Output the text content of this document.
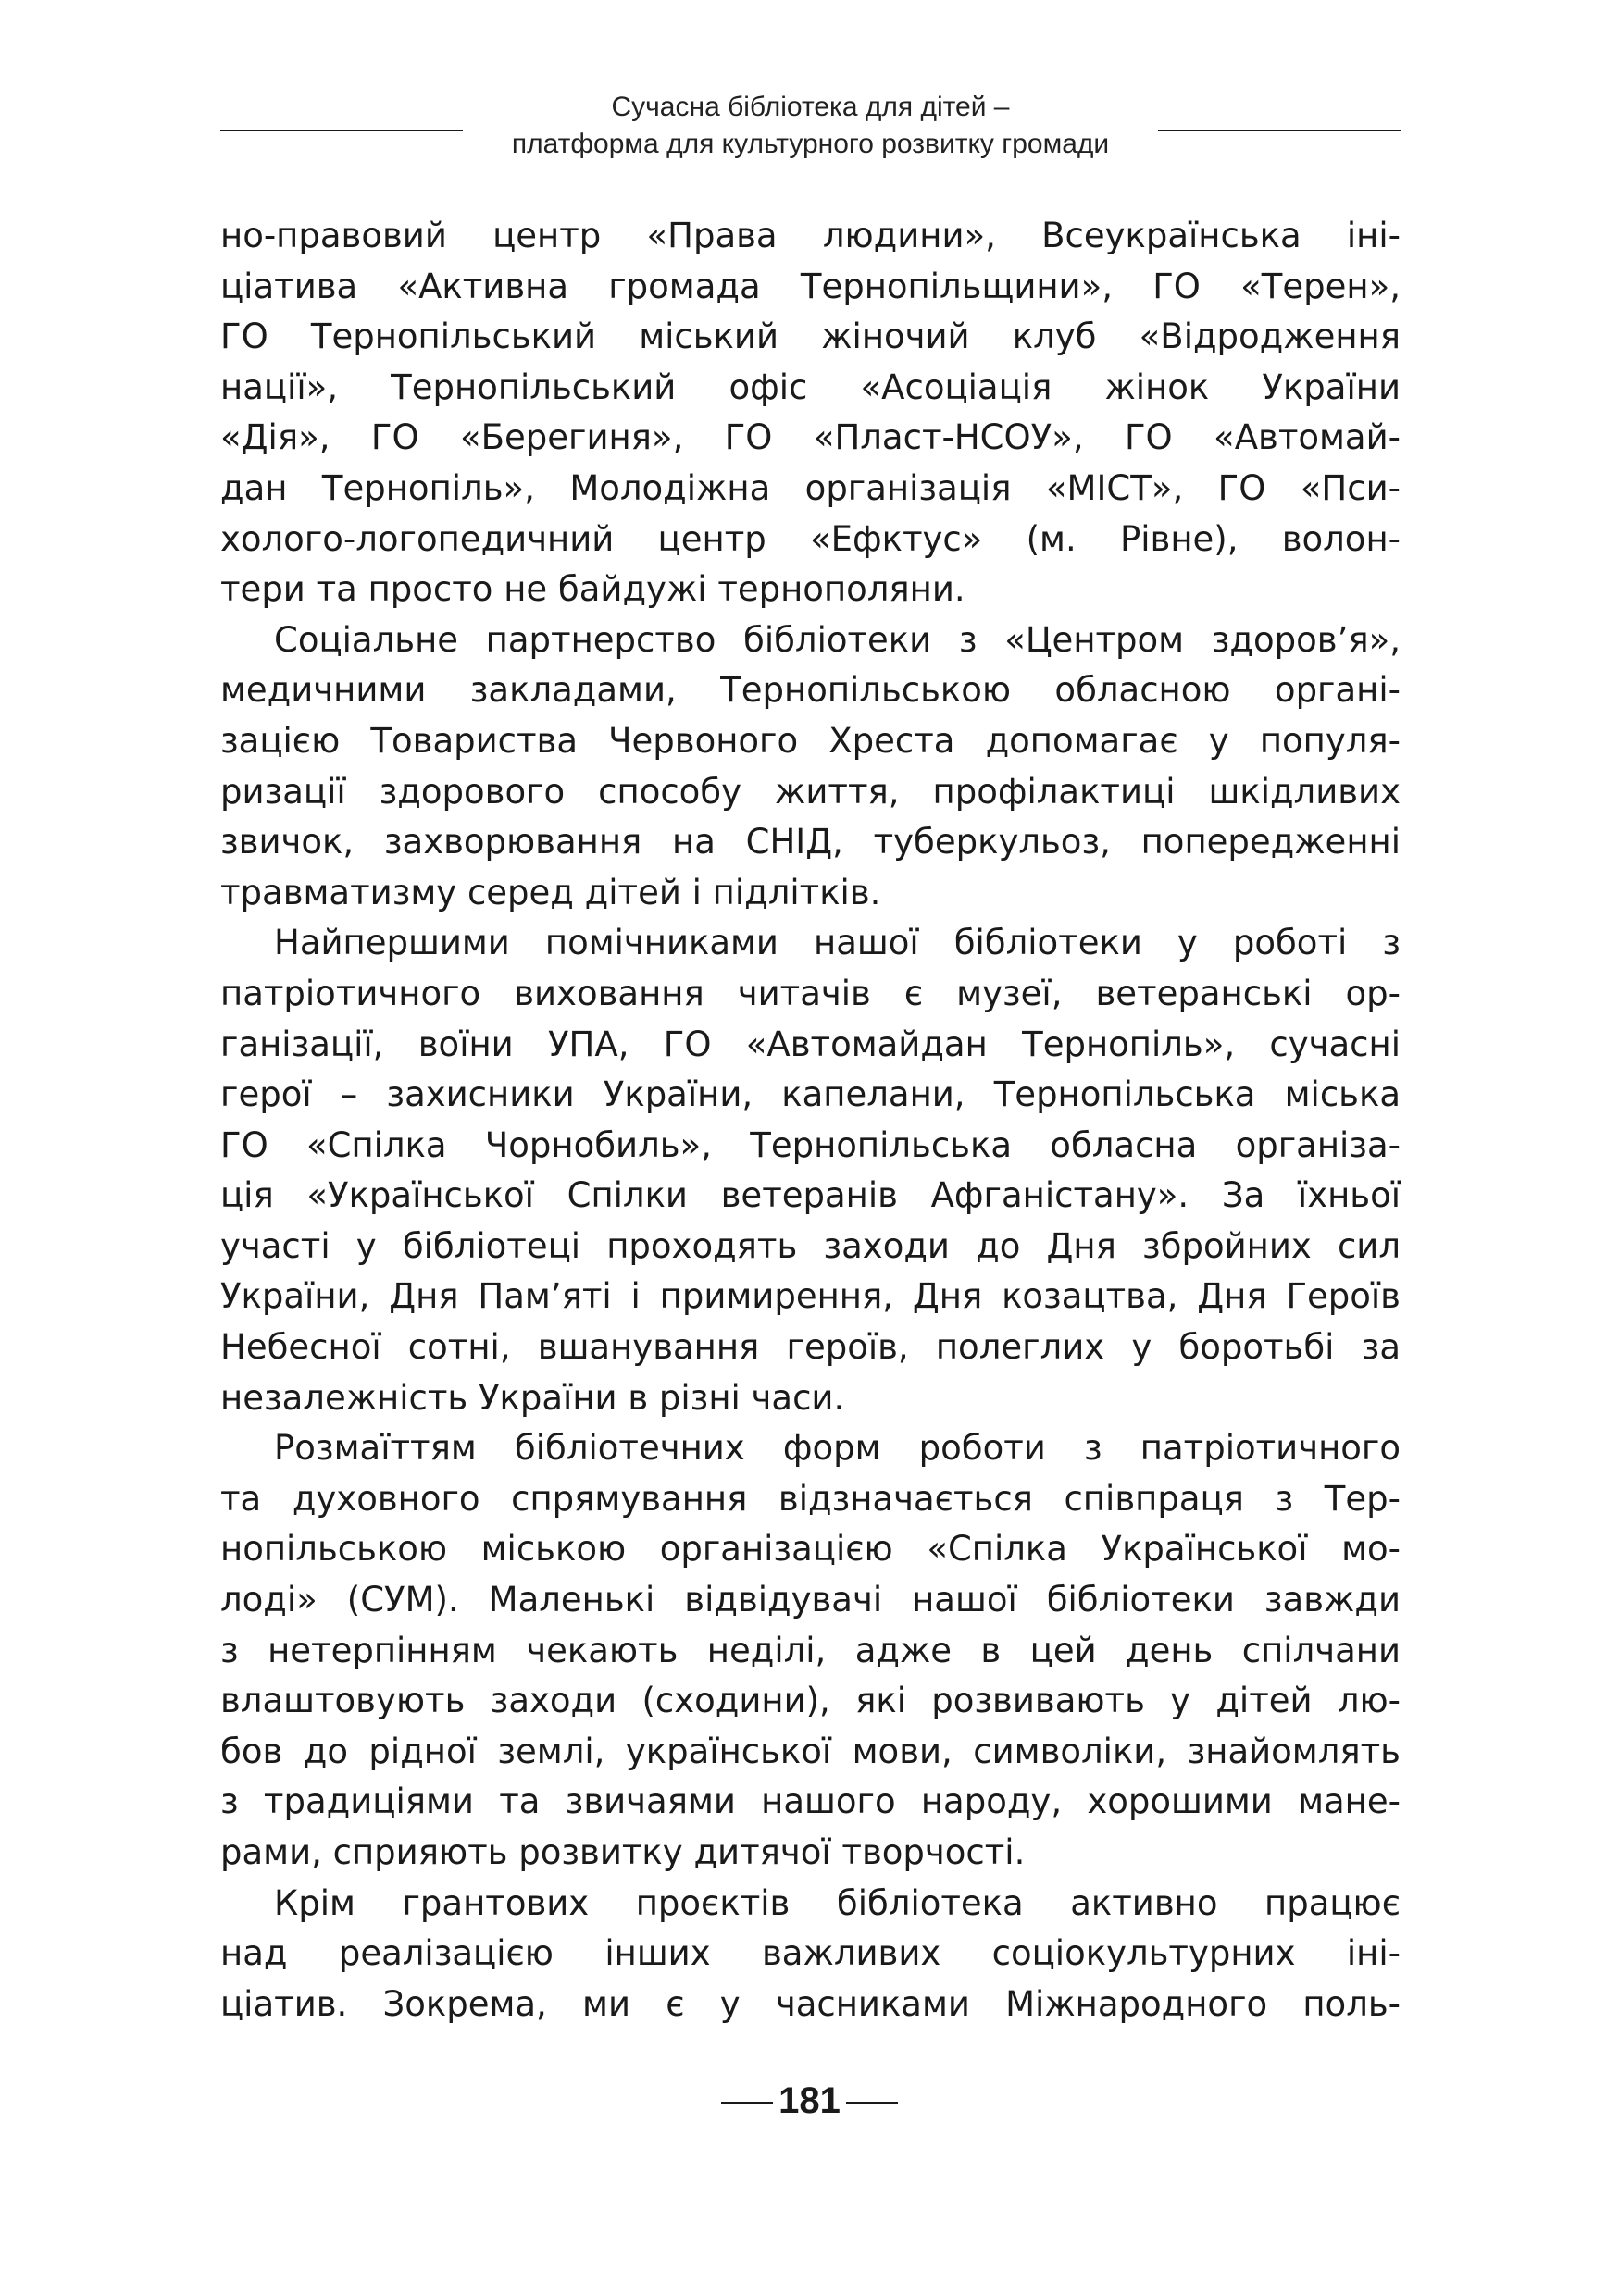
Сучасна бібліотека для дітей –
платформа для культурного розвитку громади
но-правовий центр «Права людини», Всеукраїнська іні-
ціатива «Активна громада Тернопільщини», ГО «Терен»,
ГО Тернопільський міський жіночий клуб «Відродження
нації», Тернопільський офіс «Асоціація жінок України
«Дія», ГО «Берегиня», ГО «Пласт-НСОУ», ГО «Автомай-
дан Тернопіль», Молодіжна організація «МІСТ», ГО «Пси-
холого-логопедичний центр «Ефктус» (м. Рівне), волон-
тери та просто не байдужі тернополяни.
Соціальне партнерство бібліотеки з «Центром здоров’я»,
медичними закладами, Тернопільською обласною органі-
зацією Товариства Червоного Хреста допомагає у популя-
ризації здорового способу життя, профілактиці шкідливих
звичок, захворювання на СНІД, туберкульоз, попередженні
травматизму серед дітей і підлітків.
Найпершими помічниками нашої бібліотеки у роботі з
патріотичного виховання читачів є музеї, ветеранські ор-
ганізації, воїни УПА, ГО «Автомайдан Тернопіль», сучасні
герої – захисники України, капелани, Тернопільська міська
ГО «Спілка Чорнобиль», Тернопільська обласна організа-
ція «Української Спілки ветеранів Афганістану». За їхньої
участі у бібліотеці проходять заходи до Дня збройних сил
України, Дня Пам’яті і примирення, Дня козацтва, Дня Героїв
Небесної сотні, вшанування героїв, полеглих у боротьбі за
незалежність України в різні часи.
Розмаїттям бібліотечних форм роботи з патріотичного
та духовного спрямування відзначається співпраця з Тер-
нопільською міською організацією «Спілка Української мо-
лоді» (СУМ). Маленькі відвідувачі нашої бібліотеки завжди
з нетерпінням чекають неділі, адже в цей день спілчани
влаштовують заходи (сходини), які розвивають у дітей лю-
бов до рідної землі, української мови, символіки, знайомлять
з традиціями та звичаями нашого народу, хорошими мане-
рами, сприяють розвитку дитячої творчості.
Крім грантових проєктів бібліотека активно працює
над реалізацією інших важливих соціокультурних іні-
ціатив. Зокрема, ми є у часниками Міжнародного поль-
181
